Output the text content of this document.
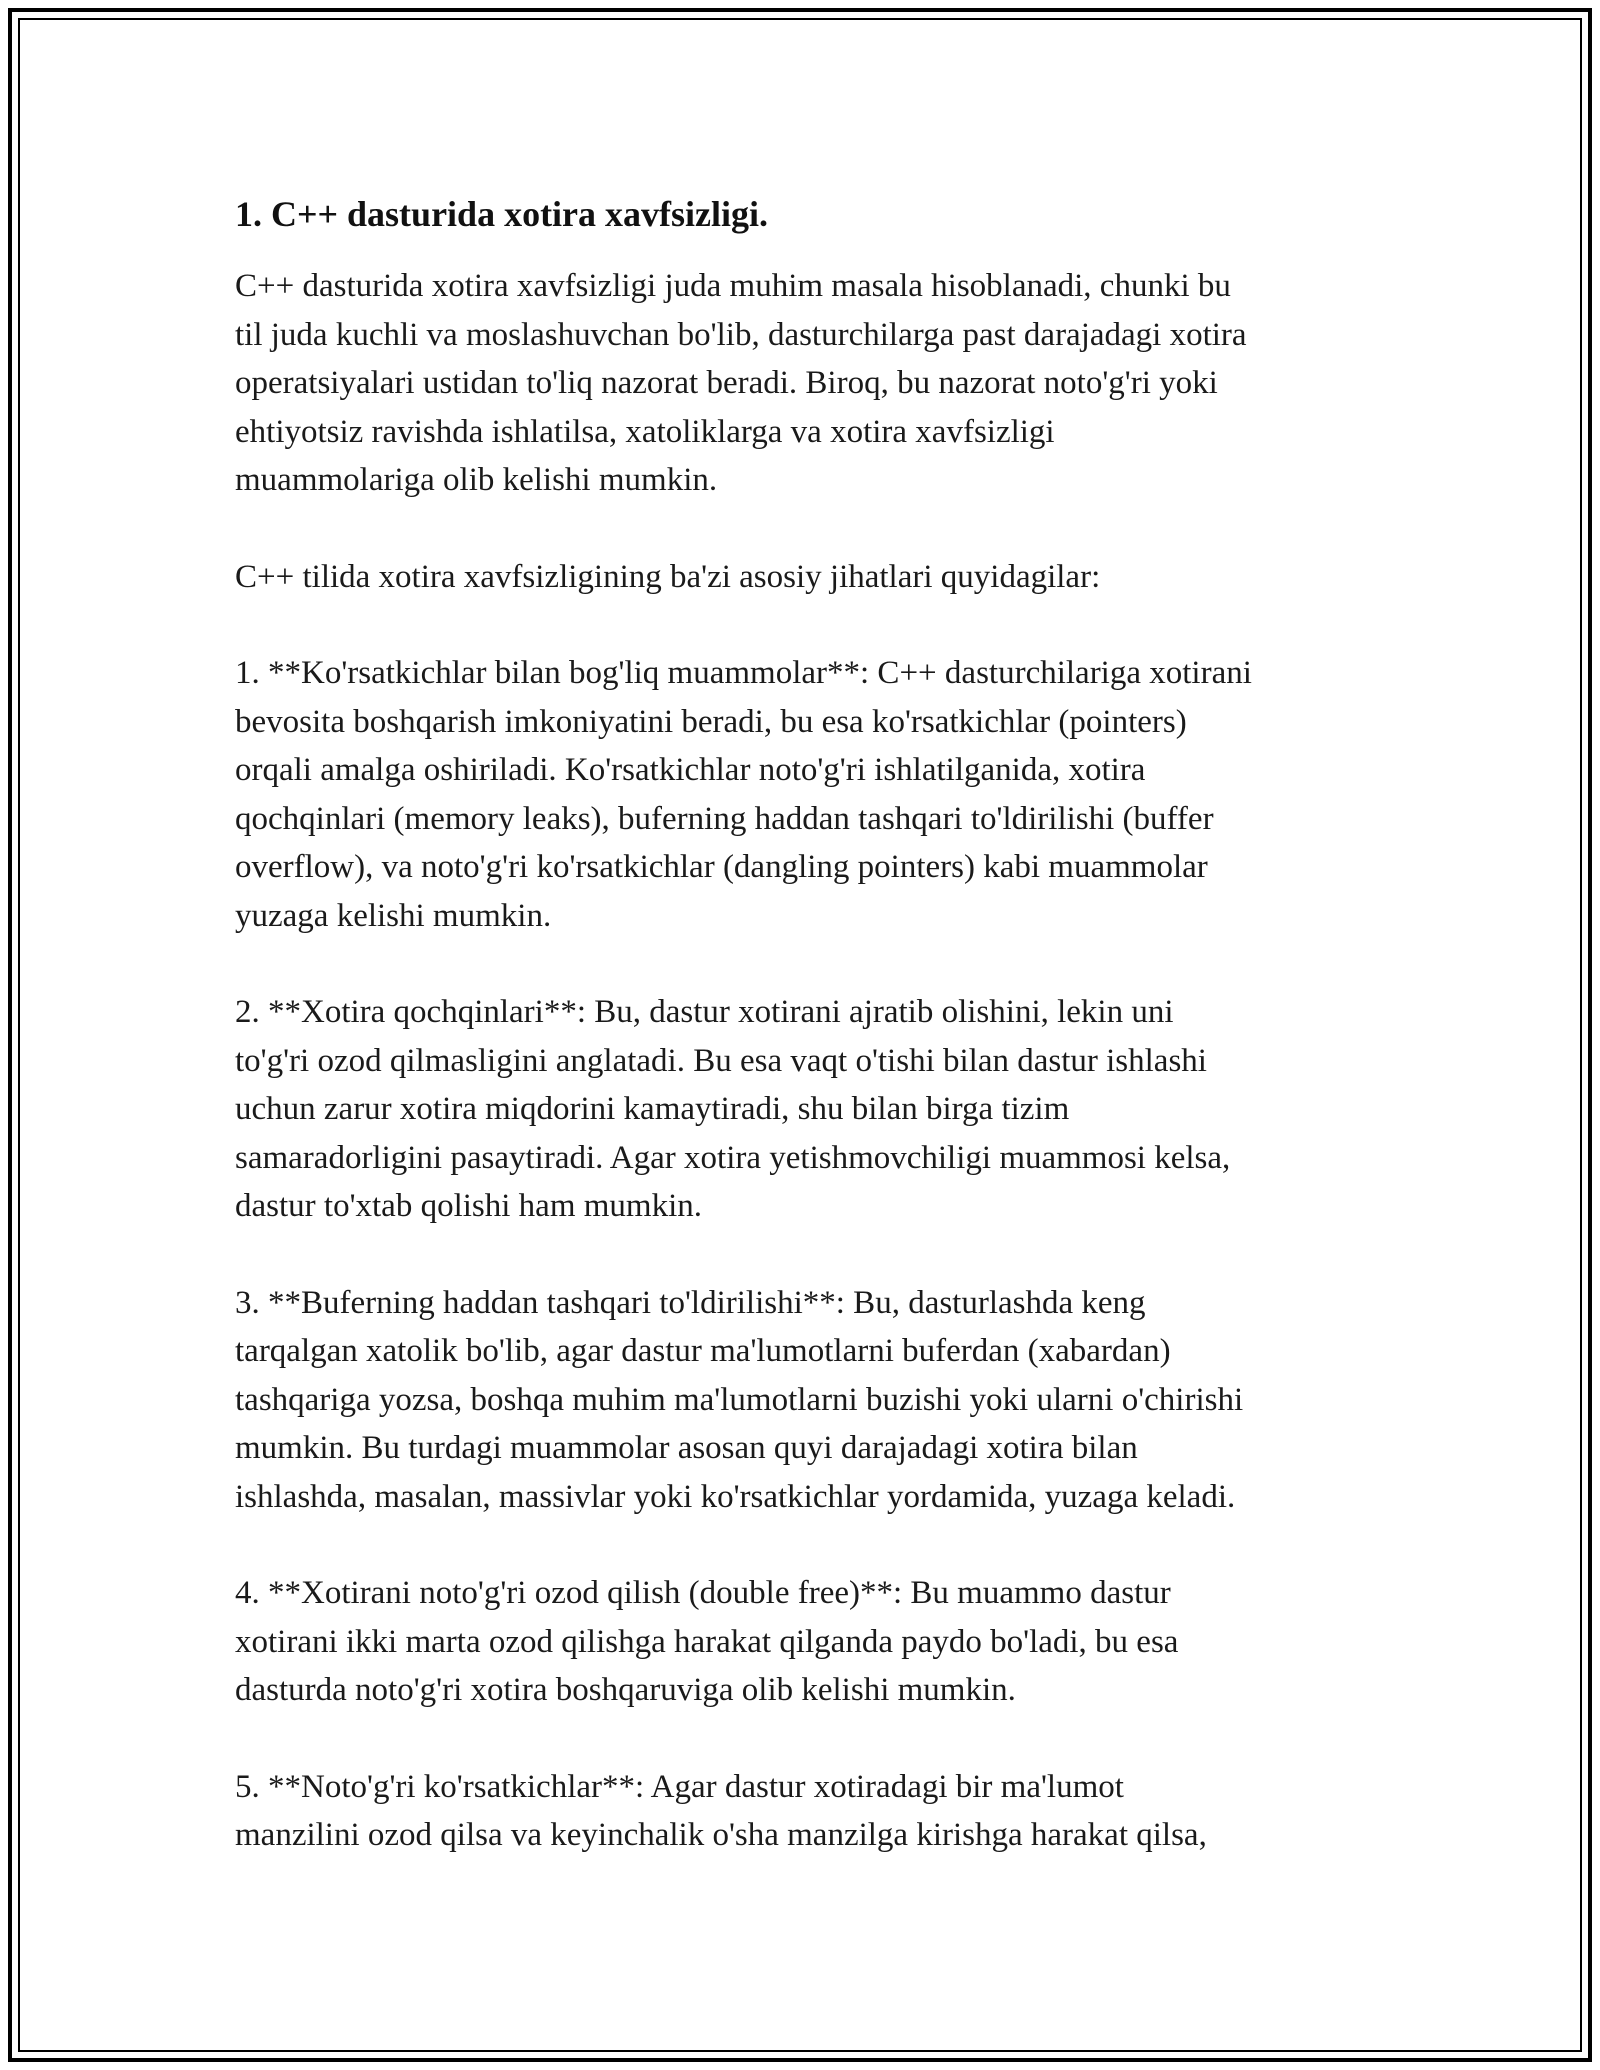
1. C++ dasturida xotira xavfsizligi.

C++ dasturida xotira xavfsizligi juda muhim masala hisoblanadi, chunki bu
til juda kuchli va moslashuvchan bo'lib, dasturchilarga past darajadagi xotira
operatsiyalari ustidan to'liq nazorat beradi. Biroq, bu nazorat noto'g'ri yoki
ehtiyotsiz ravishda ishlatilsa, xatoliklarga va xotira xavfsizligi
muammolariga olib kelishi mumkin.

C++ tilida xotira xavfsizligining ba'zi asosiy jihatlari quyidagilar:

1. **Ko'rsatkichlar bilan bog'liq muammolar**: C++ dasturchilariga xotirani
bevosita boshqarish imkoniyatini beradi, bu esa ko'rsatkichlar (pointers)
orqali amalga oshiriladi. Ko'rsatkichlar noto'g'ri ishlatilganida, xotira
qochqinlari (memory leaks), buferning haddan tashqari to'ldirilishi (buffer
overflow), va noto'g'ri ko'rsatkichlar (dangling pointers) kabi muammolar
yuzaga kelishi mumkin.

2. **Xotira qochqinlari**: Bu, dastur xotirani ajratib olishini, lekin uni
to'g'ri ozod qilmasligini anglatadi. Bu esa vaqt o'tishi bilan dastur ishlashi
uchun zarur xotira miqdorini kamaytiradi, shu bilan birga tizim
samaradorligini pasaytiradi. Agar xotira yetishmovchiligi muammosi kelsa,
dastur to'xtab qolishi ham mumkin.

3. **Buferning haddan tashqari to'ldirilishi**: Bu, dasturlashda keng
tarqalgan xatolik bo'lib, agar dastur ma'lumotlarni buferdan (xabardan)
tashqariga yozsa, boshqa muhim ma'lumotlarni buzishi yoki ularni o'chirishi
mumkin. Bu turdagi muammolar asosan quyi darajadagi xotira bilan
ishlashda, masalan, massivlar yoki ko'rsatkichlar yordamida, yuzaga keladi.

4. **Xotirani noto'g'ri ozod qilish (double free)**: Bu muammo dastur
xotirani ikki marta ozod qilishga harakat qilganda paydo bo'ladi, bu esa
dasturda noto'g'ri xotira boshqaruviga olib kelishi mumkin.

5. **Noto'g'ri ko'rsatkichlar**: Agar dastur xotiradagi bir ma'lumot
manzilini ozod qilsa va keyinchalik o'sha manzilga kirishga harakat qilsa,
